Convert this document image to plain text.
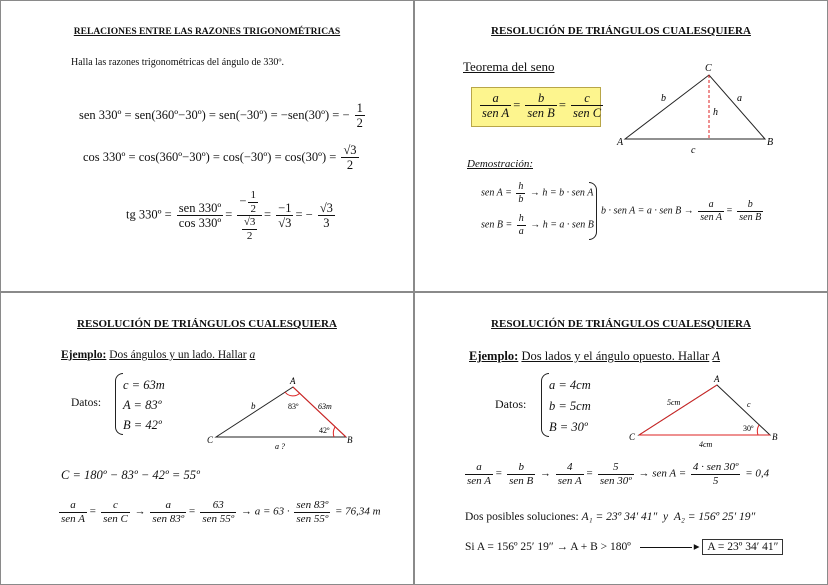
RELACIONES ENTRE LAS RAZONES TRIGONOMÉTRICAS
Halla las razones trigonométricas del ángulo de 330º.
sen 330º = sen(360º−30º) = sen(−30º) = −sen(30º) = − $\frac{1}{2}$
cos 330º = cos(360º−30º) = cos(−30º) = cos(30º) = $\frac{√3}{2}$
tg 330º = $\frac{\text{sen 330º}}{\text{cos 330º}} = \frac{- \frac{1}{2}}{\frac{√3}{2}} = \frac{-1}{√3}$ = − $\frac{√3}{3}$
RESOLUCIÓN DE TRIÁNGULOS CUALESQUIERA
Teorema del seno
$\frac{a}{\text{sen A}} = \frac{b}{\text{sen B}} = \frac{c}{\text{sen C}}$
C
A	B
b	a
h
c
Demostración:
sen $A = \frac{h}{b} \to h = b$ · sen A
sen $B = \frac{h}{a} \to h = a$ · sen B
b · sen A = a · sen $B \to \frac{a}{\text{sen A}} = \frac{b}{\text{sen B}}$
RESOLUCIÓN DE TRIÁNGULOS CUALESQUIERA
Ejemplo: Dos ángulos y un lado. Hallar a
Datos:
c = 63m
A = 83º
B = 42º
A
C	B
b	63m
83º
42º
a ?
C = 180º − 83º − 42º = 55º
$\frac{a}{\text{sen A}} = \frac{c}{\text{sen C}} \to \frac{a}{\text{sen 83º}} = \frac{63}{\text{sen 55º}} \to a = 63 \cdot \frac{\text{sen 83º}}{\text{sen 55º}} = 76,34$ m
RESOLUCIÓN DE TRIÁNGULOS CUALESQUIERA
Ejemplo: Dos lados y el ángulo opuesto. Hallar A
Datos:
a = 4cm
b = 5cm
B = 30º
A
C	B
5cm	c
4cm
30º
$\frac{a}{\text{sen A}} = \frac{b}{\text{sen B}} \to \frac{4}{\text{sen A}} = \frac{5}{\text{sen 30º}}$ → sen $A = \frac{\text{4 · sen 30º}}{5} = 0,4$
Dos posibles soluciones: A₁ = 23º 34′ 41″ y A₂ = 156º 25′ 19″
Si A = 156º 25′ 19″ → A + B > 180º	▸ A = 23º 34′ 41″
